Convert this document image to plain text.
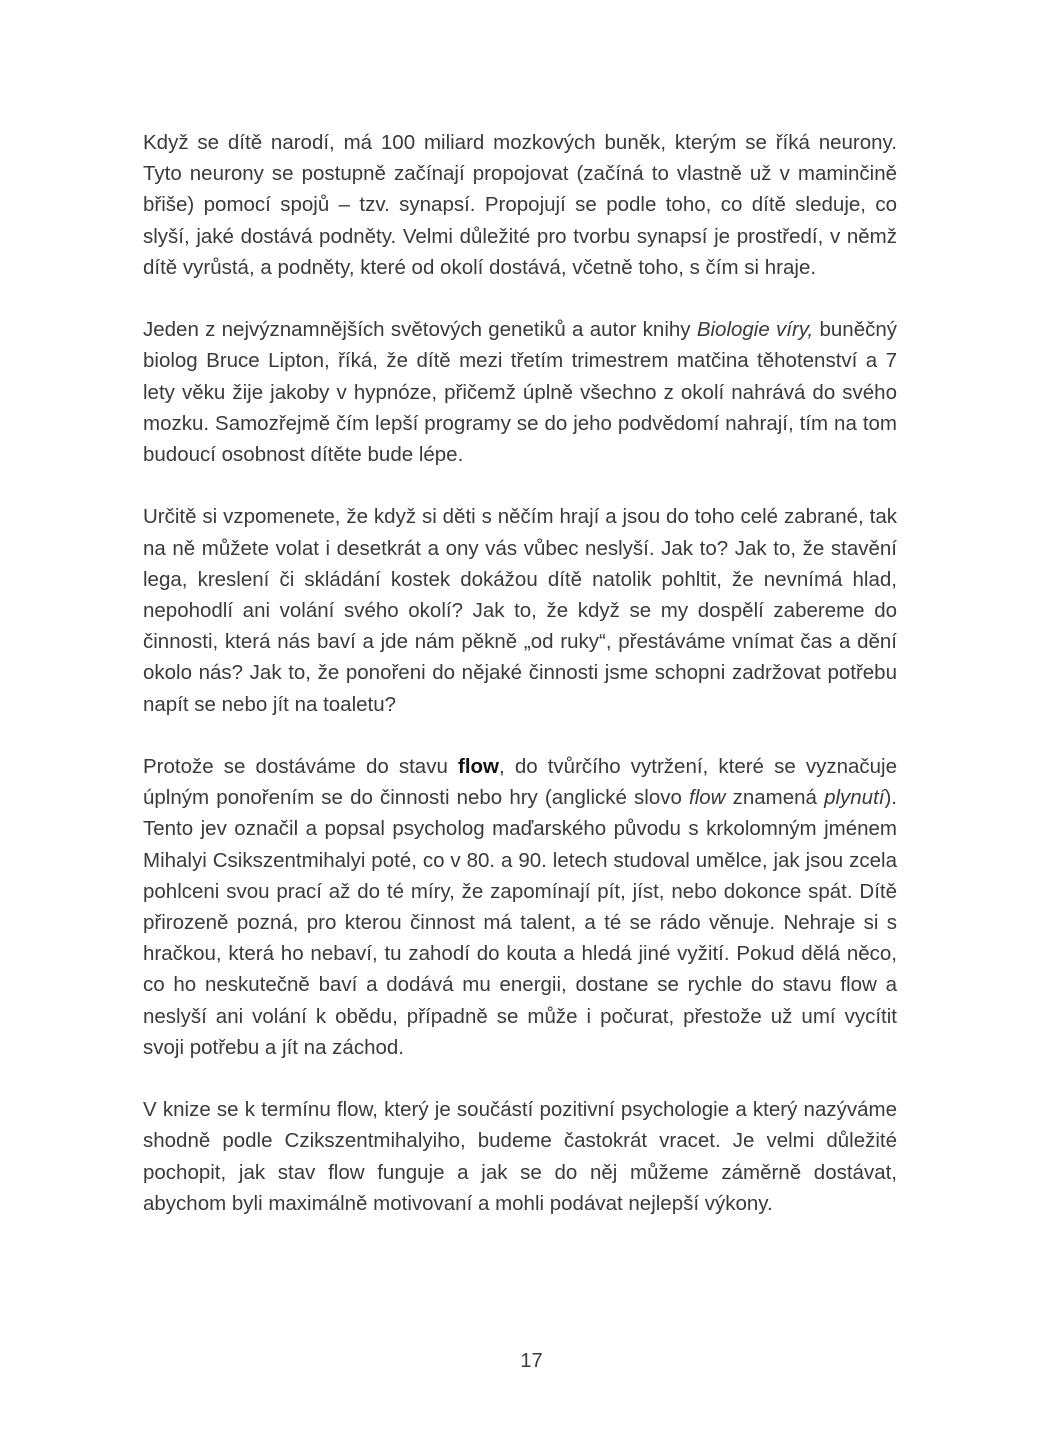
Když se dítě narodí, má 100 miliard mozkových buněk, kterým se říká neurony. Tyto neurony se postupně začínají propojovat (začíná to vlastně už v maminčině břiše) pomocí spojů – tzv. synapsí. Propojují se podle toho, co dítě sleduje, co slyší, jaké dostává podněty. Velmi důležité pro tvorbu synapsí je prostředí, v němž dítě vyrůstá, a podněty, které od okolí dostává, včetně toho, s čím si hraje.

Jeden z nejvýznamnějších světových genetiků a autor knihy Biologie víry, buněčný biolog Bruce Lipton, říká, že dítě mezi třetím trimestrem matčina těhotenství a 7 lety věku žije jakoby v hypnóze, přičemž úplně všechno z okolí nahrává do svého mozku. Samozřejmě čím lepší programy se do jeho podvědomí nahrají, tím na tom budoucí osobnost dítěte bude lépe.

Určitě si vzpomenete, že když si děti s něčím hrají a jsou do toho celé zabrané, tak na ně můžete volat i desetkrát a ony vás vůbec neslyší. Jak to? Jak to, že stavění lega, kreslení či skládání kostek dokážou dítě natolik pohltit, že nevnímá hlad, nepohodlí ani volání svého okolí? Jak to, že když se my dospělí zabereme do činnosti, která nás baví a jde nám pěkně „od ruky“, přestáváme vnímat čas a dění okolo nás? Jak to, že ponořeni do nějaké činnosti jsme schopni zadržovat potřebu napít se nebo jít na toaletu?

Protože se dostáváme do stavu flow, do tvůrčího vytržení, které se vyznačuje úplným ponořením se do činnosti nebo hry (anglické slovo flow znamená plynutí). Tento jev označil a popsal psycholog maďarského původu s krkolomným jménem Mihalyi Csikszentmihalyi poté, co v 80. a 90. letech studoval umělce, jak jsou zcela pohlceni svou prací až do té míry, že zapomínají pít, jíst, nebo dokonce spát. Dítě přirozeně pozná, pro kterou činnost má talent, a té se rádo věnuje. Nehraje si s hračkou, která ho nebaví, tu zahodí do kouta a hledá jiné vyžití. Pokud dělá něco, co ho neskutečně baví a dodává mu energii, dostane se rychle do stavu flow a neslyší ani volání k obědu, případně se může i počurat, přestože už umí vycítit svoji potřebu a jít na záchod.

V knize se k termínu flow, který je součástí pozitivní psychologie a který nazýváme shodně podle Czikszentmihalyiho, budeme častokrát vracet. Je velmi důležité pochopit, jak stav flow funguje a jak se do něj můžeme záměrně dostávat, abychom byli maximálně motivovaní a mohli podávat nejlepší výkony.

17
